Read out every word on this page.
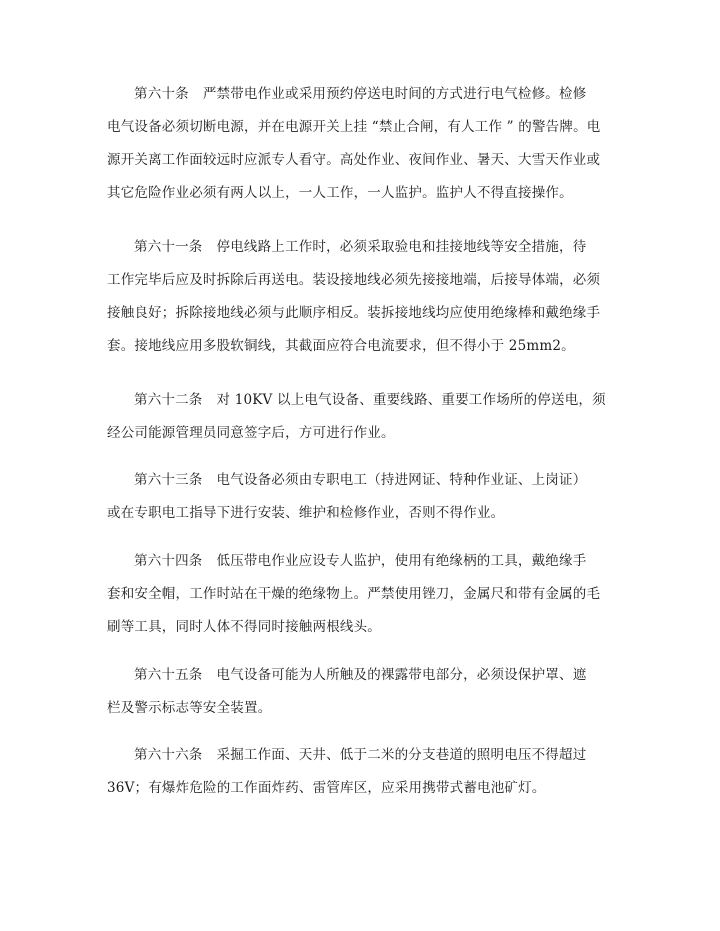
第六十条 严禁带电作业或采用预约停送电时间的方式进行电气检修。检修
电气设备必须切断电源，并在电源开关上挂 “禁止合闸，有人工作 ” 的警告牌。电
源开关离工作面较远时应派专人看守。高处作业、夜间作业、暑天、大雪天作业或
其它危险作业必须有两人以上，一人工作，一人监护。监护人不得直接操作。
第六十一条 停电线路上工作时，必须采取验电和挂接地线等安全措施，待
工作完毕后应及时拆除后再送电。装设接地线必须先接接地端，后接导体端，必须
接触良好；拆除接地线必须与此顺序相反。装拆接地线均应使用绝缘棒和戴绝缘手
套。接地线应用多股软铜线，其截面应符合电流要求，但不得小于 25mm2。
第六十二条 对 10KV 以上电气设备、重要线路、重要工作场所的停送电，须
经公司能源管理员同意签字后，方可进行作业。
第六十三条 电气设备必须由专职电工（持进网证、特种作业证、上岗证）
或在专职电工指导下进行安装、维护和检修作业，否则不得作业。
第六十四条 低压带电作业应设专人监护，使用有绝缘柄的工具，戴绝缘手
套和安全帽，工作时站在干燥的绝缘物上。严禁使用锉刀，金属尺和带有金属的毛
刷等工具，同时人体不得同时接触两根线头。
第六十五条 电气设备可能为人所触及的裸露带电部分，必须设保护罩、遮
栏及警示标志等安全装置。
第六十六条 采掘工作面、天井、低于二米的分支巷道的照明电压不得超过
36V；有爆炸危险的工作面炸药、雷管库区，应采用携带式蓄电池矿灯。
